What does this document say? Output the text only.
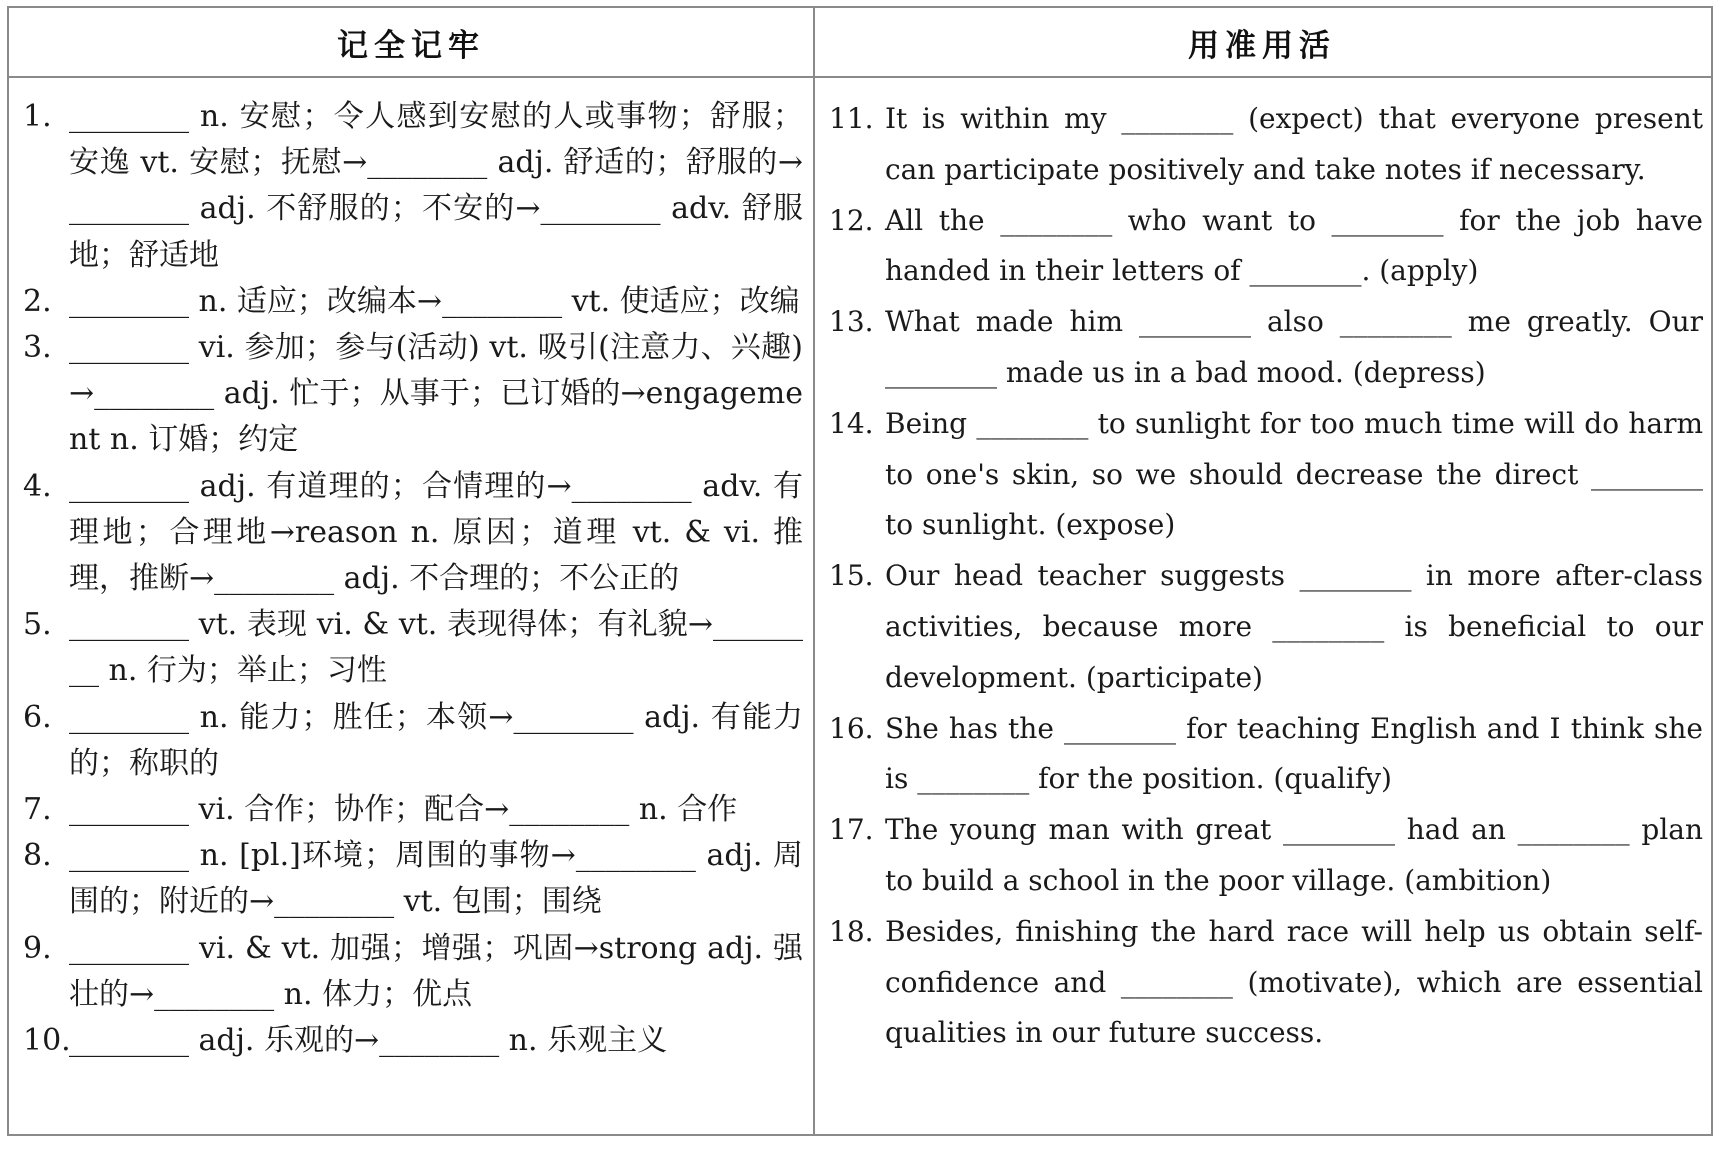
记全记牢	用准用活
1. ________ n. 安慰；令人感到安慰的人或事物；舒服；安逸 vt. 安慰；抚慰→________ adj. 舒适的；舒服的→________ adj. 不舒服的；不安的→________ adv. 舒服地；舒适地
2. ________ n. 适应；改编本→________ vt. 使适应；改编
3. ________ vi. 参加；参与(活动) vt. 吸引(注意力、兴趣)→________ adj. 忙于；从事于；已订婚的→engagement n. 订婚；约定
4. ________ adj. 有道理的；合情理的→________ adv. 有理地；合理地→reason n. 原因；道理 vt. & vi. 推理，推断→________ adj. 不合理的；不公正的
5. ________ vt. 表现 vi. & vt. 表现得体；有礼貌→________ n. 行为；举止；习性
6. ________ n. 能力；胜任；本领→________ adj. 有能力的；称职的
7. ________ vi. 合作；协作；配合→________ n. 合作
8. ________ n. [pl.]环境；周围的事物→________ adj. 周围的；附近的→________ vt. 包围；围绕
9. ________ vi. & vt. 加强；增强；巩固→strong adj. 强壮的→________ n. 体力；优点
10.
________ adj. 乐观的→________ n. 乐观主义
11. It is within my ________ (expect) that everyone present can participate positively and take notes if necessary.
12. All the ________ who want to ________ for the job have handed in their letters of ________. (apply)
13. What made him ________ also ________ me greatly. Our ________ made us in a bad mood. (depress)
14. Being ________ to sunlight for too much time will do harm to one's skin, so we should decrease the direct ________ to sunlight. (expose)
15. Our head teacher suggests ________ in more after-class activities, because more ________ is beneficial to our development. (participate)
16. She has the ________ for teaching English and I think she is ________ for the position. (qualify)
17. The young man with great ________ had an ________ plan to build a school in the poor village. (ambition)
18. Besides, finishing the hard race will help us obtain self-confidence and ________ (motivate), which are essential qualities in our future success.
